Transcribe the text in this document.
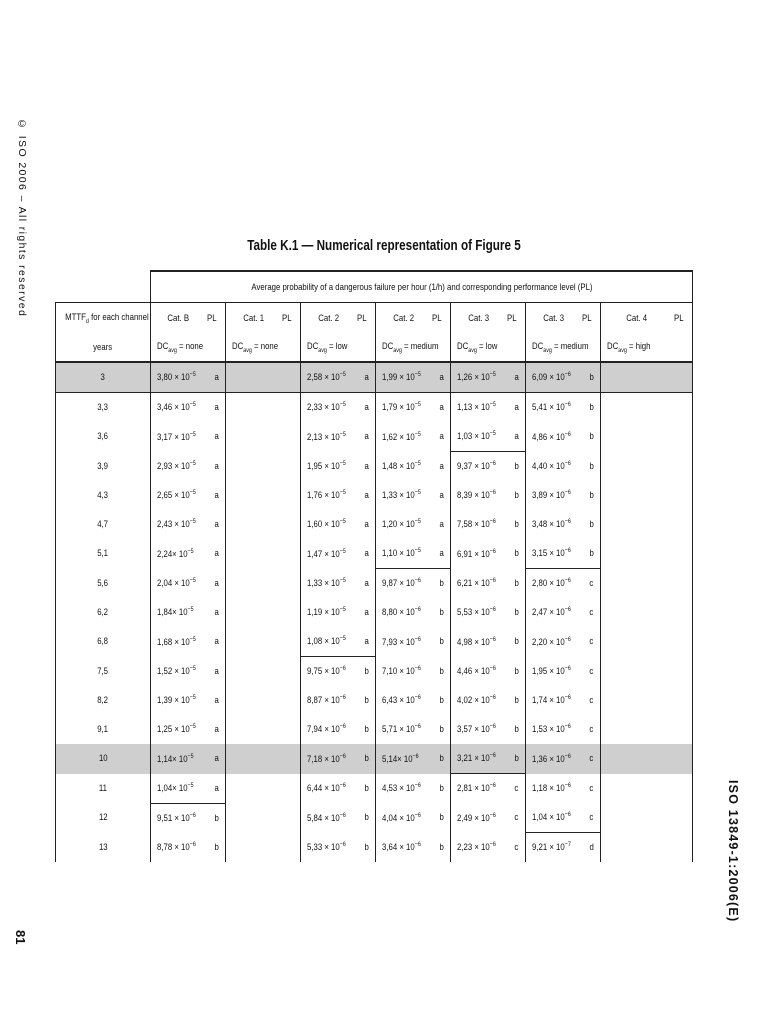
© ISO 2006 – All rights reserved
81
ISO 13849-1:2006(E)
Table K.1 — Numerical representation of Figure 5
	Average probability of a dangerous failure per hour (1/h) and corresponding performance level (PL)													
$MTTF_d$ for each channel	Cat. B	PL	Cat. 1	PL	Cat. 2	PL	Cat. 2	PL	Cat. 3	PL	Cat. 3	PL	Cat. 4	PL
years	$DC_{avg}$ = none		$DC_{avg}$ = none		$DC_{avg}$ = low		$DC_{avg}$ = medium		$DC_{avg}$ = low		$DC_{avg}$ = medium		$DC_{avg}$ = high	
3	$3,80 \times 10^{-5}$	a			$2,58 \times 10^{-5}$	a	$1,99 \times 10^{-5}$	a	$1,26 \times 10^{-5}$	a	$6,09 \times 10^{-6}$	b		
3,3	$3,46 \times 10^{-5}$	a			$2,33 \times 10^{-5}$	a	$1,79 \times 10^{-5}$	a	$1,13 \times 10^{-5}$	a	$5,41 \times 10^{-6}$	b		
3,6	$3,17 \times 10^{-5}$	a			$2,13 \times 10^{-5}$	a	$1,62 \times 10^{-5}$	a	$1,03 \times 10^{-5}$	a	$4,86 \times 10^{-6}$	b		
3,9	$2,93 \times 10^{-5}$	a			$1,95 \times 10^{-5}$	a	$1,48 \times 10^{-5}$	a	$9,37 \times 10^{-6}$	b	$4,40 \times 10^{-6}$	b		
4,3	$2,65 \times 10^{-5}$	a			$1,76 \times 10^{-5}$	a	$1,33 \times 10^{-5}$	a	$8,39 \times 10^{-6}$	b	$3,89 \times 10^{-6}$	b		
4,7	$2,43 \times 10^{-5}$	a			$1,60 \times 10^{-5}$	a	$1,20 \times 10^{-5}$	a	$7,58 \times 10^{-6}$	b	$3,48 \times 10^{-6}$	b		
5,1	$2,24\times 10^{-5}$	a			$1,47 \times 10^{-5}$	a	$1,10 \times 10^{-5}$	a	$6,91 \times 10^{-6}$	b	$3,15 \times 10^{-6}$	b		
5,6	$2,04 \times 10^{-5}$	a			$1,33 \times 10^{-5}$	a	$9,87 \times 10^{-6}$	b	$6,21 \times 10^{-6}$	b	$2,80 \times 10^{-6}$	c		
6,2	$1,84\times 10^{-5}$	a			$1,19 \times 10^{-5}$	a	$8,80 \times 10^{-6}$	b	$5,53 \times 10^{-6}$	b	$2,47 \times 10^{-6}$	c		
6,8	$1,68 \times 10^{-5}$	a			$1,08 \times 10^{-5}$	a	$7,93 \times 10^{-6}$	b	$4,98 \times 10^{-6}$	b	$2,20 \times 10^{-6}$	c		
7,5	$1,52 \times 10^{-5}$	a			$9,75 \times 10^{-6}$	b	$7,10 \times 10^{-6}$	b	$4,46 \times 10^{-6}$	b	$1,95 \times 10^{-6}$	c		
8,2	$1,39 \times 10^{-5}$	a			$8,87 \times 10^{-6}$	b	$6,43 \times 10^{-6}$	b	$4,02 \times 10^{-6}$	b	$1,74 \times 10^{-6}$	c		
9,1	$1,25 \times 10^{-5}$	a			$7,94 \times 10^{-6}$	b	$5,71 \times 10^{-6}$	b	$3,57 \times 10^{-6}$	b	$1,53 \times 10^{-6}$	c		
10	$1,14\times 10^{-5}$	a			$7,18 \times 10^{-6}$	b	$5,14\times 10^{-6}$	b	$3,21 \times 10^{-6}$	b	$1,36 \times 10^{-6}$	c		
11	$1,04\times 10^{-5}$	a			$6,44 \times 10^{-6}$	b	$4,53 \times 10^{-6}$	b	$2,81 \times 10^{-6}$	c	$1,18 \times 10^{-6}$	c		
12	$9,51 \times 10^{-6}$	b			$5,84 \times 10^{-6}$	b	$4,04 \times 10^{-6}$	b	$2,49 \times 10^{-6}$	c	$1,04 \times 10^{-6}$	c		
13	$8,78 \times 10^{-6}$	b			$5,33 \times 10^{-6}$	b	$3,64 \times 10^{-6}$	b	$2,23 \times 10^{-6}$	c	$9,21 \times 10^{-7}$	d		
